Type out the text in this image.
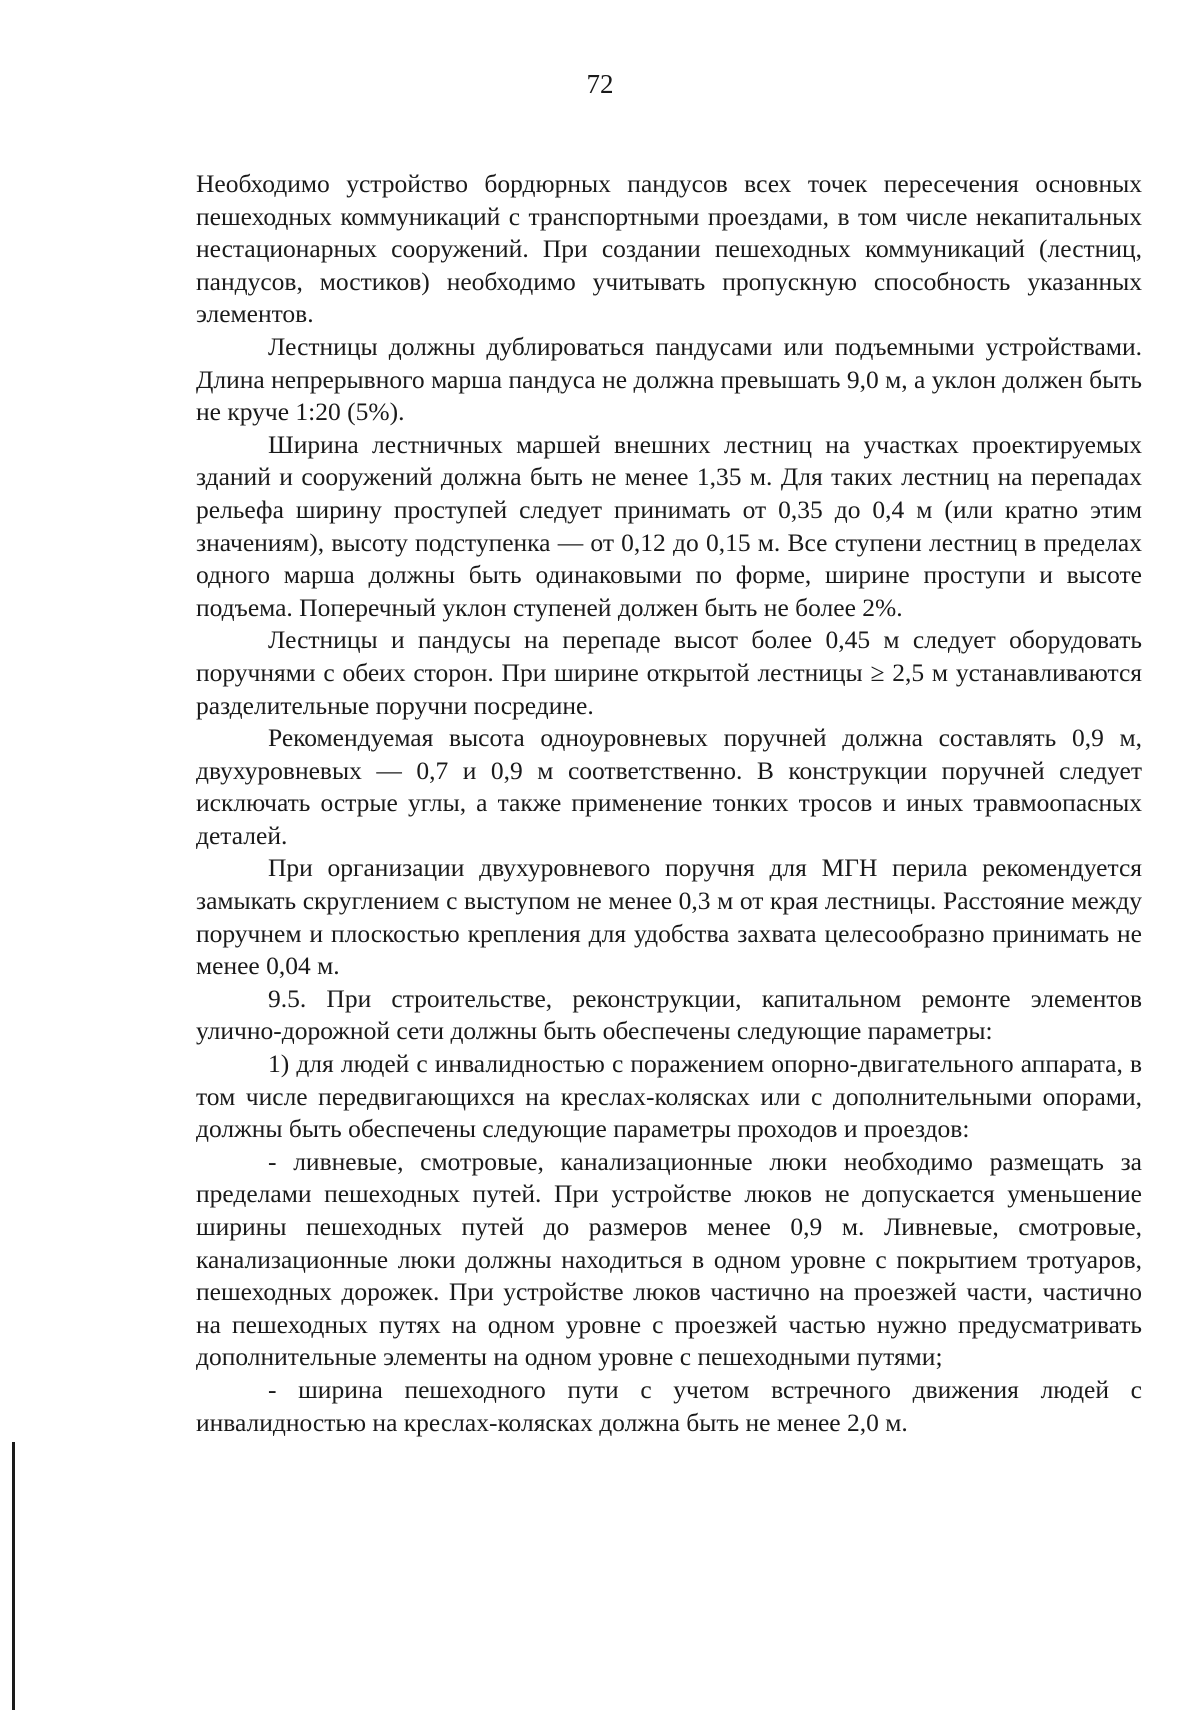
72

Необходимо устройство бордюрных пандусов всех точек пересечения основных пешеходных коммуникаций с транспортными проездами, в том числе некапитальных нестационарных сооружений. При создании пешеходных коммуникаций (лестниц, пандусов, мостиков) необходимо учитывать пропускную способность указанных элементов.

Лестницы должны дублироваться пандусами или подъемными устройствами. Длина непрерывного марша пандуса не должна превышать 9,0 м, а уклон должен быть не круче 1:20 (5%).

Ширина лестничных маршей внешних лестниц на участках проектируемых зданий и сооружений должна быть не менее 1,35 м. Для таких лестниц на перепадах рельефа ширину проступей следует принимать от 0,35 до 0,4 м (или кратно этим значениям), высоту подступенка — от 0,12 до 0,15 м. Все ступени лестниц в пределах одного марша должны быть одинаковыми по форме, ширине проступи и высоте подъема. Поперечный уклон ступеней должен быть не более 2%.

Лестницы и пандусы на перепаде высот более 0,45 м следует оборудовать поручнями с обеих сторон. При ширине открытой лестницы ≥ 2,5 м устанавливаются разделительные поручни посредине.

Рекомендуемая высота одноуровневых поручней должна составлять 0,9 м, двухуровневых — 0,7 и 0,9 м соответственно. В конструкции поручней следует исключать острые углы, а также применение тонких тросов и иных травмоопасных деталей.

При организации двухуровневого поручня для МГН перила рекомендуется замыкать скруглением с выступом не менее 0,3 м от края лестницы. Расстояние между поручнем и плоскостью крепления для удобства захвата целесообразно принимать не менее 0,04 м.

9.5. При строительстве, реконструкции, капитальном ремонте элементов улично-дорожной сети должны быть обеспечены следующие параметры:

1) для людей с инвалидностью с поражением опорно-двигательного аппарата, в том числе передвигающихся на креслах-колясках или с дополнительными опорами, должны быть обеспечены следующие параметры проходов и проездов:

- ливневые, смотровые, канализационные люки необходимо размещать за пределами пешеходных путей. При устройстве люков не допускается уменьшение ширины пешеходных путей до размеров менее 0,9 м. Ливневые, смотровые, канализационные люки должны находиться в одном уровне с покрытием тротуаров, пешеходных дорожек. При устройстве люков частично на проезжей части, частично на пешеходных путях на одном уровне с проезжей частью нужно предусматривать дополнительные элементы на одном уровне с пешеходными путями;

- ширина пешеходного пути с учетом встречного движения людей с инвалидностью на креслах-колясках должна быть не менее 2,0 м.
